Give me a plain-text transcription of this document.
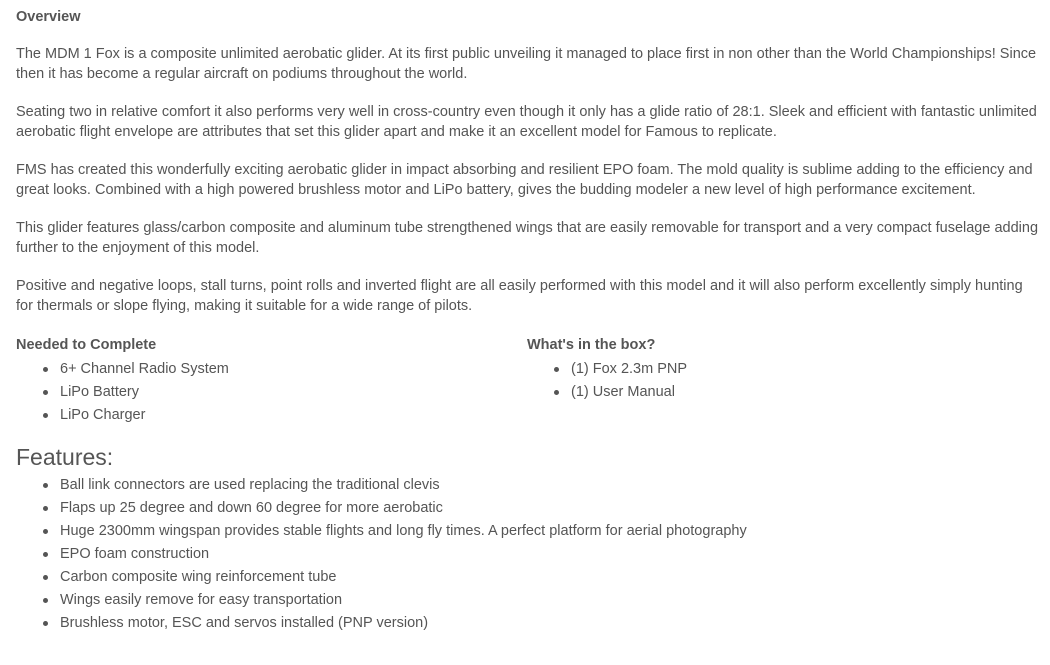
Overview

The MDM 1 Fox is a composite unlimited aerobatic glider. At its first public unveiling it managed to place first in non other than the World Championships! Since then it has become a regular aircraft on podiums throughout the world.

Seating two in relative comfort it also performs very well in cross-country even though it only has a glide ratio of 28:1. Sleek and efficient with fantastic unlimited aerobatic flight envelope are attributes that set this glider apart and make it an excellent model for Famous to replicate.

FMS has created this wonderfully exciting aerobatic glider in impact absorbing and resilient EPO foam. The mold quality is sublime adding to the efficiency and great looks. Combined with a high powered brushless motor and LiPo battery, gives the budding modeler a new level of high performance excitement.

This glider features glass/carbon composite and aluminum tube strengthened wings that are easily removable for transport and a very compact fuselage adding further to the enjoyment of this model.

Positive and negative loops, stall turns, point rolls and inverted flight are all easily performed with this model and it will also perform excellently simply hunting for thermals or slope flying, making it suitable for a wide range of pilots.

Needed to Complete
6+ Channel Radio System
LiPo Battery
LiPo Charger
What's in the box?
(1) Fox 2.3m PNP
(1) User Manual
Features:
Ball link connectors are used replacing the traditional clevis
Flaps up 25 degree and down 60 degree for more aerobatic
Huge 2300mm wingspan provides stable flights and long fly times. A perfect platform for aerial photography
EPO foam construction
Carbon composite wing reinforcement tube
Wings easily remove for easy transportation
Brushless motor, ESC and servos installed (PNP version)
